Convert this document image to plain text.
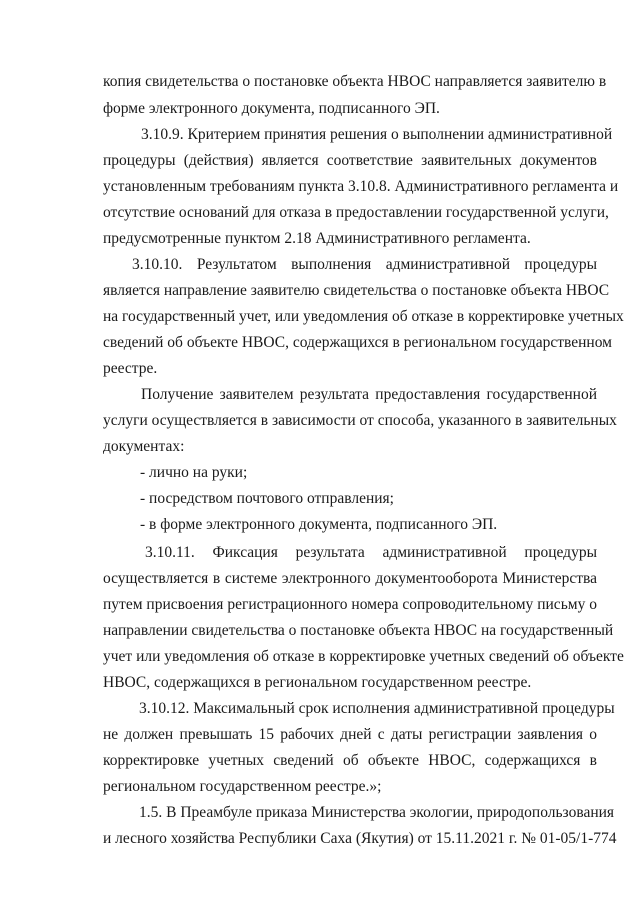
копия свидетельства о постановке объекта НВОС направляется заявителю в
форме электронного документа, подписанного ЭП.
3.10.9. Критерием принятия решения о выполнении административной
процедуры (действия) является соответствие заявительных документов
установленным требованиям пункта 3.10.8. Административного регламента и
отсутствие оснований для отказа в предоставлении государственной услуги,
предусмотренные пунктом 2.18 Административного регламента.
3.10.10. Результатом выполнения административной процедуры
является направление заявителю свидетельства о постановке объекта НВОС
на государственный учет, или уведомления об отказе в корректировке учетных
сведений об объекте НВОС, содержащихся в региональном государственном
реестре.
Получение заявителем результата предоставления государственной
услуги осуществляется в зависимости от способа, указанного в заявительных
документах:
- лично на руки;
- посредством почтового отправления;
- в форме электронного документа, подписанного ЭП.
3.10.11. Фиксация результата административной процедуры
осуществляется в системе электронного документооборота Министерства
путем присвоения регистрационного номера сопроводительному письму о
направлении свидетельства о постановке объекта НВОС на государственный
учет или уведомления об отказе в корректировке учетных сведений об объекте
НВОС, содержащихся в региональном государственном реестре.
3.10.12. Максимальный срок исполнения административной процедуры
не должен превышать 15 рабочих дней с даты регистрации заявления о
корректировке учетных сведений об объекте НВОС, содержащихся в
региональном государственном реестре.»;
1.5. В Преамбуле приказа Министерства экологии, природопользования
и лесного хозяйства Республики Саха (Якутия) от 15.11.2021 г. № 01-05/1-774
